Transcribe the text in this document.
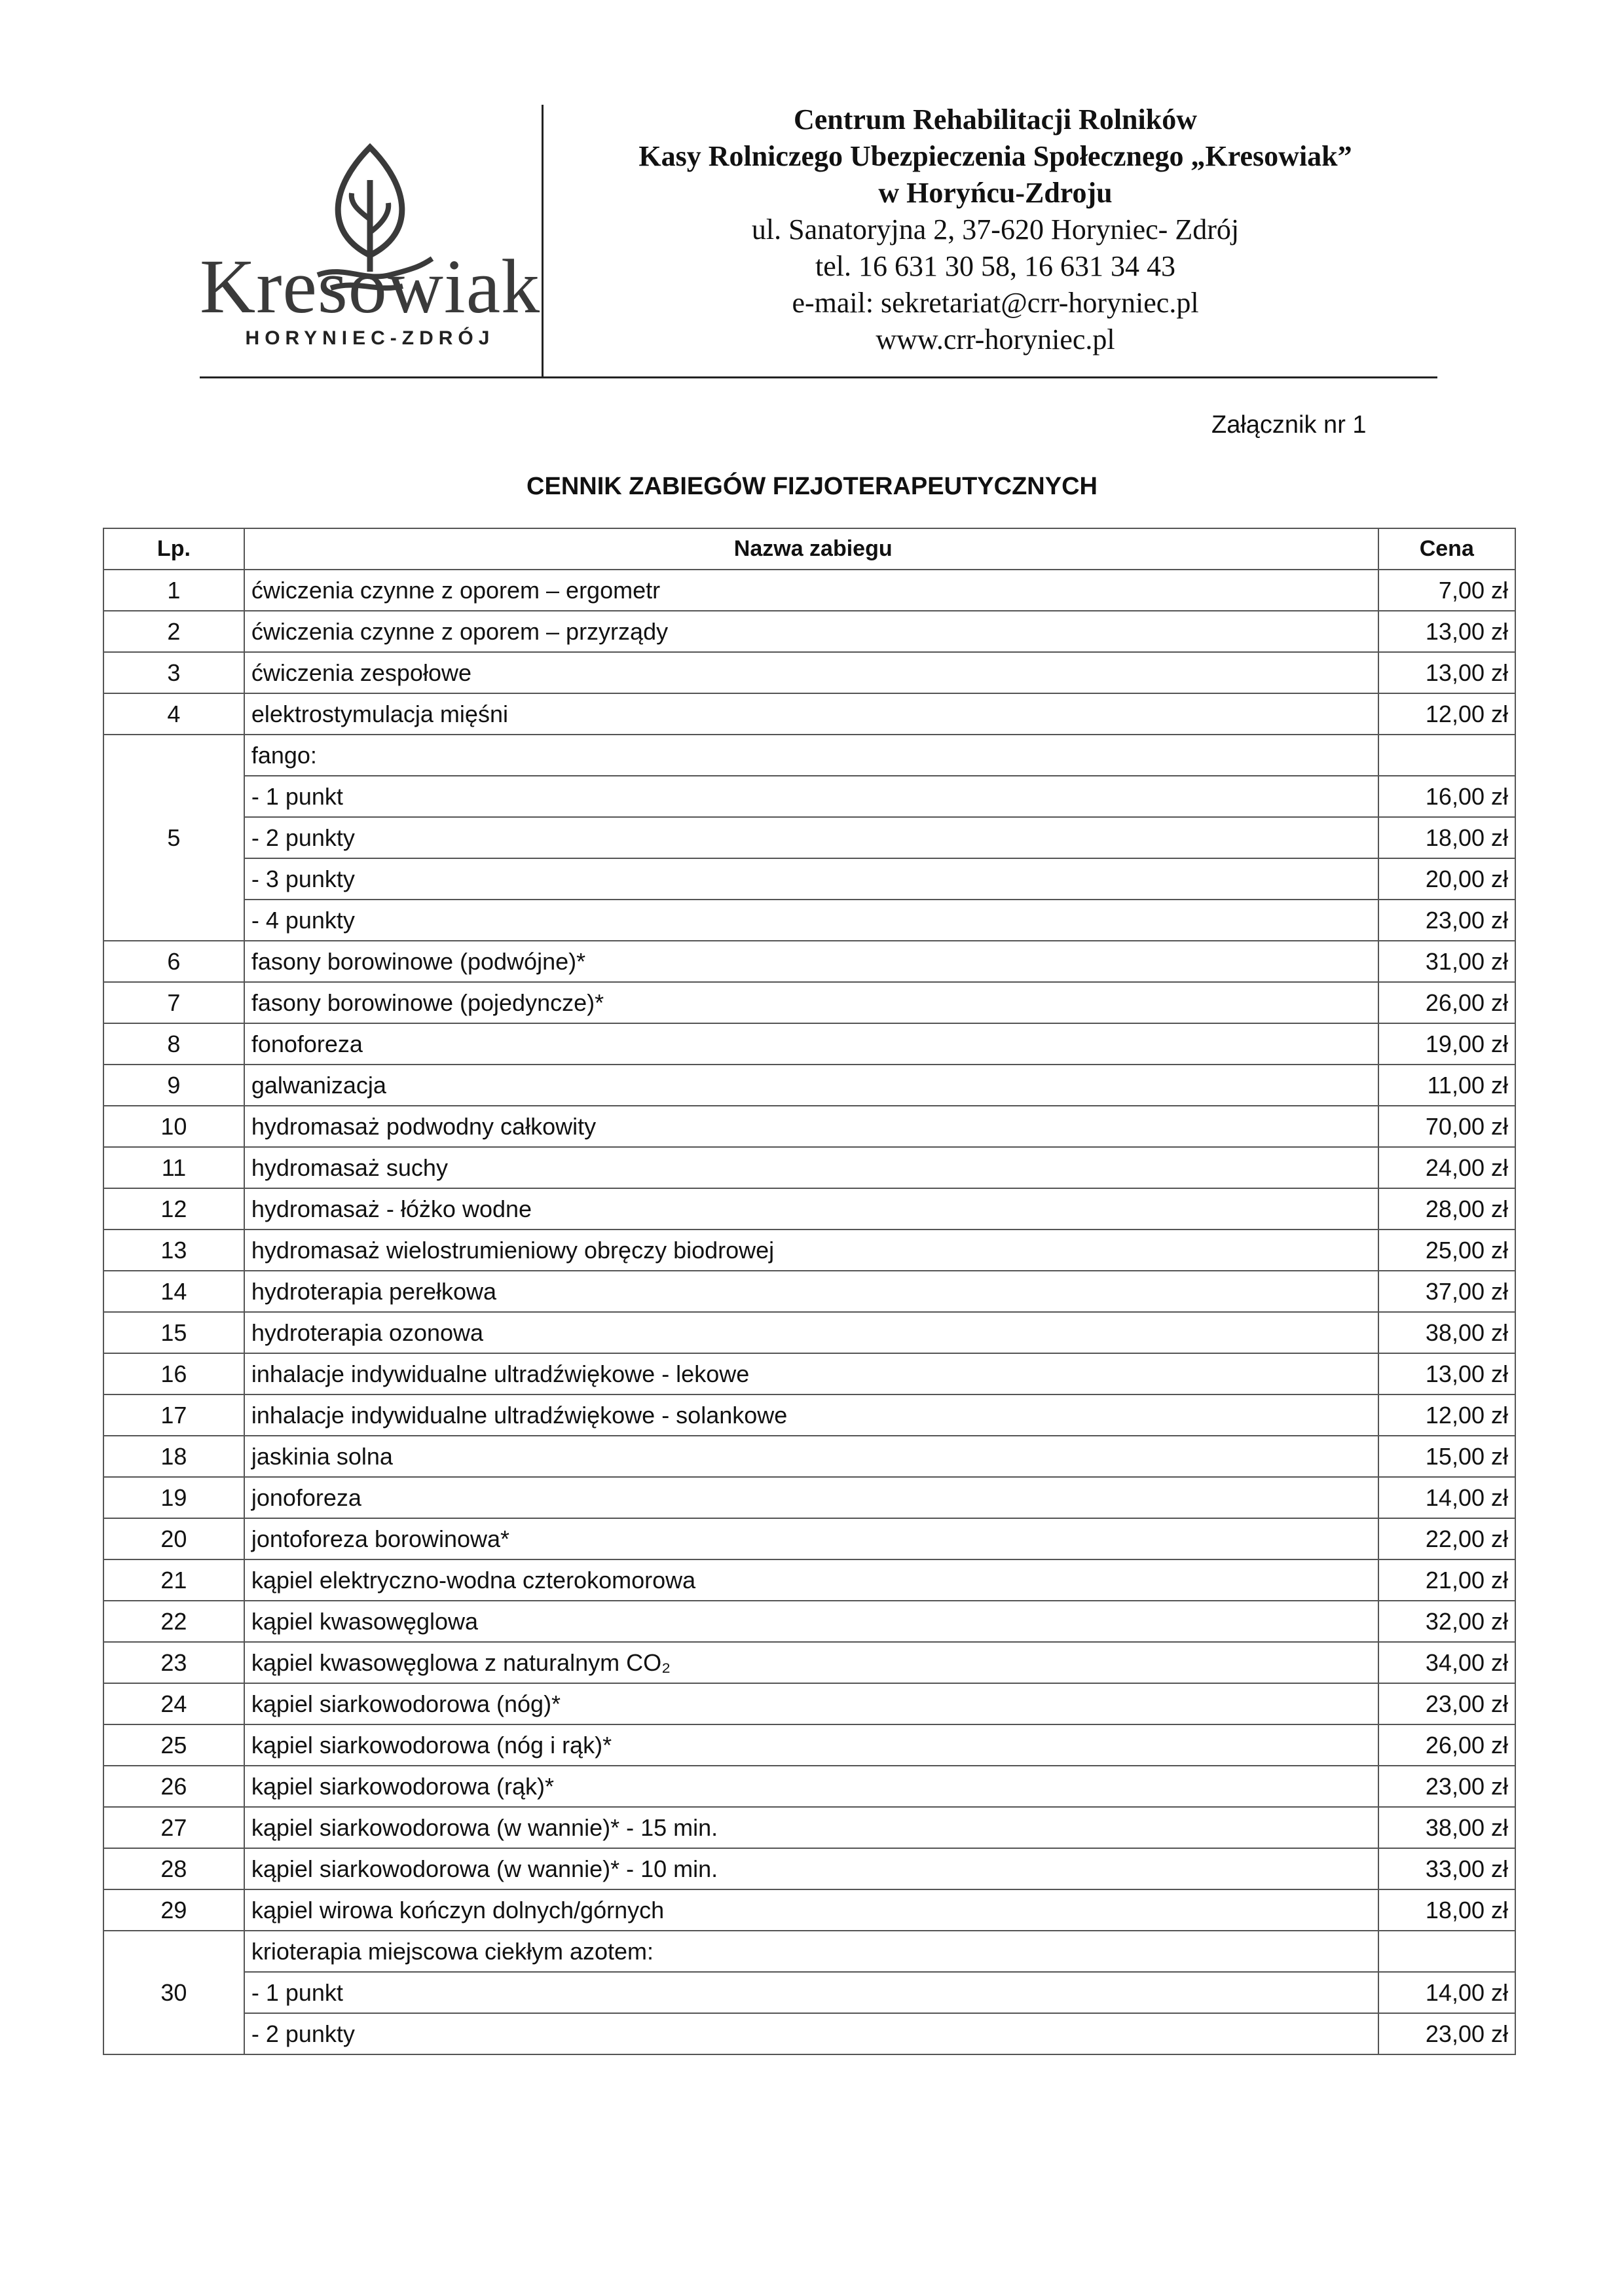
Kresowiak
HORYNIEC-ZDRÓJ
Centrum Rehabilitacji Rolników
Kasy Rolniczego Ubezpieczenia Społecznego „Kresowiak”
w Horyńcu-Zdroju
ul. Sanatoryjna 2, 37-620 Horyniec- Zdrój
tel. 16 631 30 58, 16 631 34 43
e-mail: sekretariat@crr-horyniec.pl
www.crr-horyniec.pl
Załącznik nr 1
CENNIK ZABIEGÓW FIZJOTERAPEUTYCZNYCH
Lp.	Nazwa zabiegu	Cena
1	ćwiczenia czynne z oporem – ergometr	7,00 zł
2	ćwiczenia czynne z oporem – przyrządy	13,00 zł
3	ćwiczenia zespołowe	13,00 zł
4	elektrostymulacja mięśni	12,00 zł
5	fango:	
	- 1 punkt	16,00 zł
	- 2 punkty	18,00 zł
	- 3 punkty	20,00 zł
	- 4 punkty	23,00 zł
6	fasony borowinowe (podwójne)*	31,00 zł
7	fasony borowinowe (pojedyncze)*	26,00 zł
8	fonoforeza	19,00 zł
9	galwanizacja	11,00 zł
10	hydromasaż podwodny całkowity	70,00 zł
11	hydromasaż suchy	24,00 zł
12	hydromasaż - łóżko wodne	28,00 zł
13	hydromasaż wielostrumieniowy obręczy biodrowej	25,00 zł
14	hydroterapia perełkowa	37,00 zł
15	hydroterapia ozonowa	38,00 zł
16	inhalacje indywidualne ultradźwiękowe - lekowe	13,00 zł
17	inhalacje indywidualne ultradźwiękowe - solankowe	12,00 zł
18	jaskinia solna	15,00 zł
19	jonoforeza	14,00 zł
20	jontoforeza borowinowa*	22,00 zł
21	kąpiel elektryczno-wodna czterokomorowa	21,00 zł
22	kąpiel kwasowęglowa	32,00 zł
23	kąpiel kwasowęglowa z naturalnym CO₂	34,00 zł
24	kąpiel siarkowodorowa (nóg)*	23,00 zł
25	kąpiel siarkowodorowa (nóg i rąk)*	26,00 zł
26	kąpiel siarkowodorowa (rąk)*	23,00 zł
27	kąpiel siarkowodorowa (w wannie)* - 15 min.	38,00 zł
28	kąpiel siarkowodorowa (w wannie)* - 10 min.	33,00 zł
29	kąpiel wirowa kończyn dolnych/górnych	18,00 zł
30	krioterapia miejscowa ciekłym azotem:	
	- 1 punkt	14,00 zł
	- 2 punkty	23,00 zł
